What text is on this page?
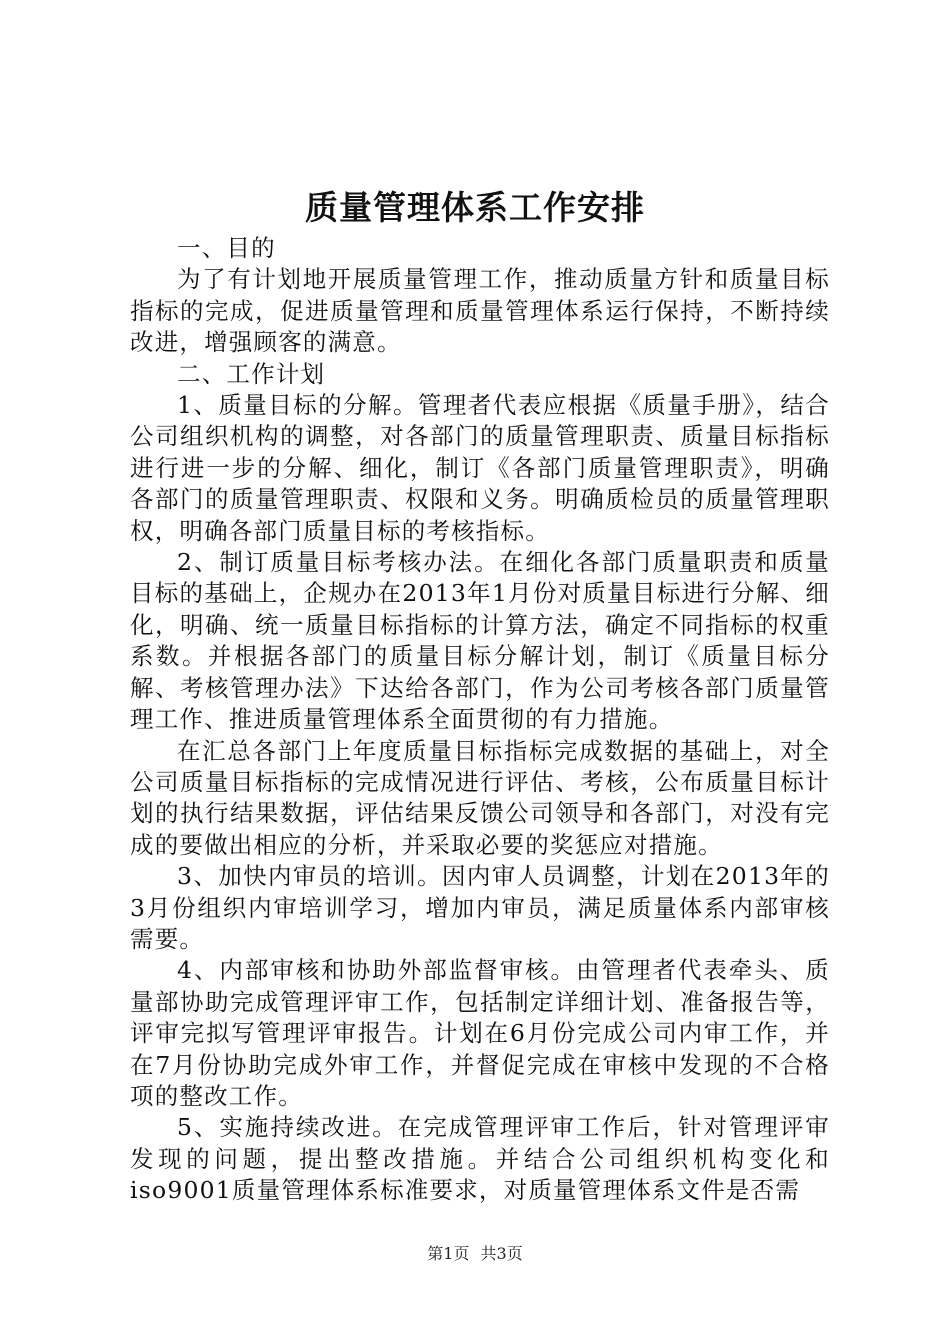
质量管理体系工作安排

一、目的

为了有计划地开展质量管理工作，推动质量方针和质量目标指标的完成，促进质量管理和质量管理体系运行保持，不断持续改进，增强顾客的满意。

二、工作计划

1、质量目标的分解。管理者代表应根据《质量手册》，结合公司组织机构的调整，对各部门的质量管理职责、质量目标指标进行进一步的分解、细化，制订《各部门质量管理职责》，明确各部门的质量管理职责、权限和义务。明确质检员的质量管理职权，明确各部门质量目标的考核指标。

2、制订质量目标考核办法。在细化各部门质量职责和质量目标的基础上，企规办在2013年1月份对质量目标进行分解、细化，明确、统一质量目标指标的计算方法，确定不同指标的权重系数。并根据各部门的质量目标分解计划，制订《质量目标分解、考核管理办法》下达给各部门，作为公司考核各部门质量管理工作、推进质量管理体系全面贯彻的有力措施。

在汇总各部门上年度质量目标指标完成数据的基础上，对全公司质量目标指标的完成情况进行评估、考核，公布质量目标计划的执行结果数据，评估结果反馈公司领导和各部门，对没有完成的要做出相应的分析，并采取必要的奖惩应对措施。

3、加快内审员的培训。因内审人员调整，计划在2013年的3月份组织内审培训学习，增加内审员，满足质量体系内部审核需要。

4、内部审核和协助外部监督审核。由管理者代表牵头、质量部协助完成管理评审工作，包括制定详细计划、准备报告等，评审完拟写管理评审报告。计划在6月份完成公司内审工作，并在7月份协助完成外审工作，并督促完成在审核中发现的不合格项的整改工作。

5、实施持续改进。在完成管理评审工作后，针对管理评审发现的问题，提出整改措施。并结合公司组织机构变化和iso9001质量管理体系标准要求，对质量管理体系文件是否需

第1页 共3页
